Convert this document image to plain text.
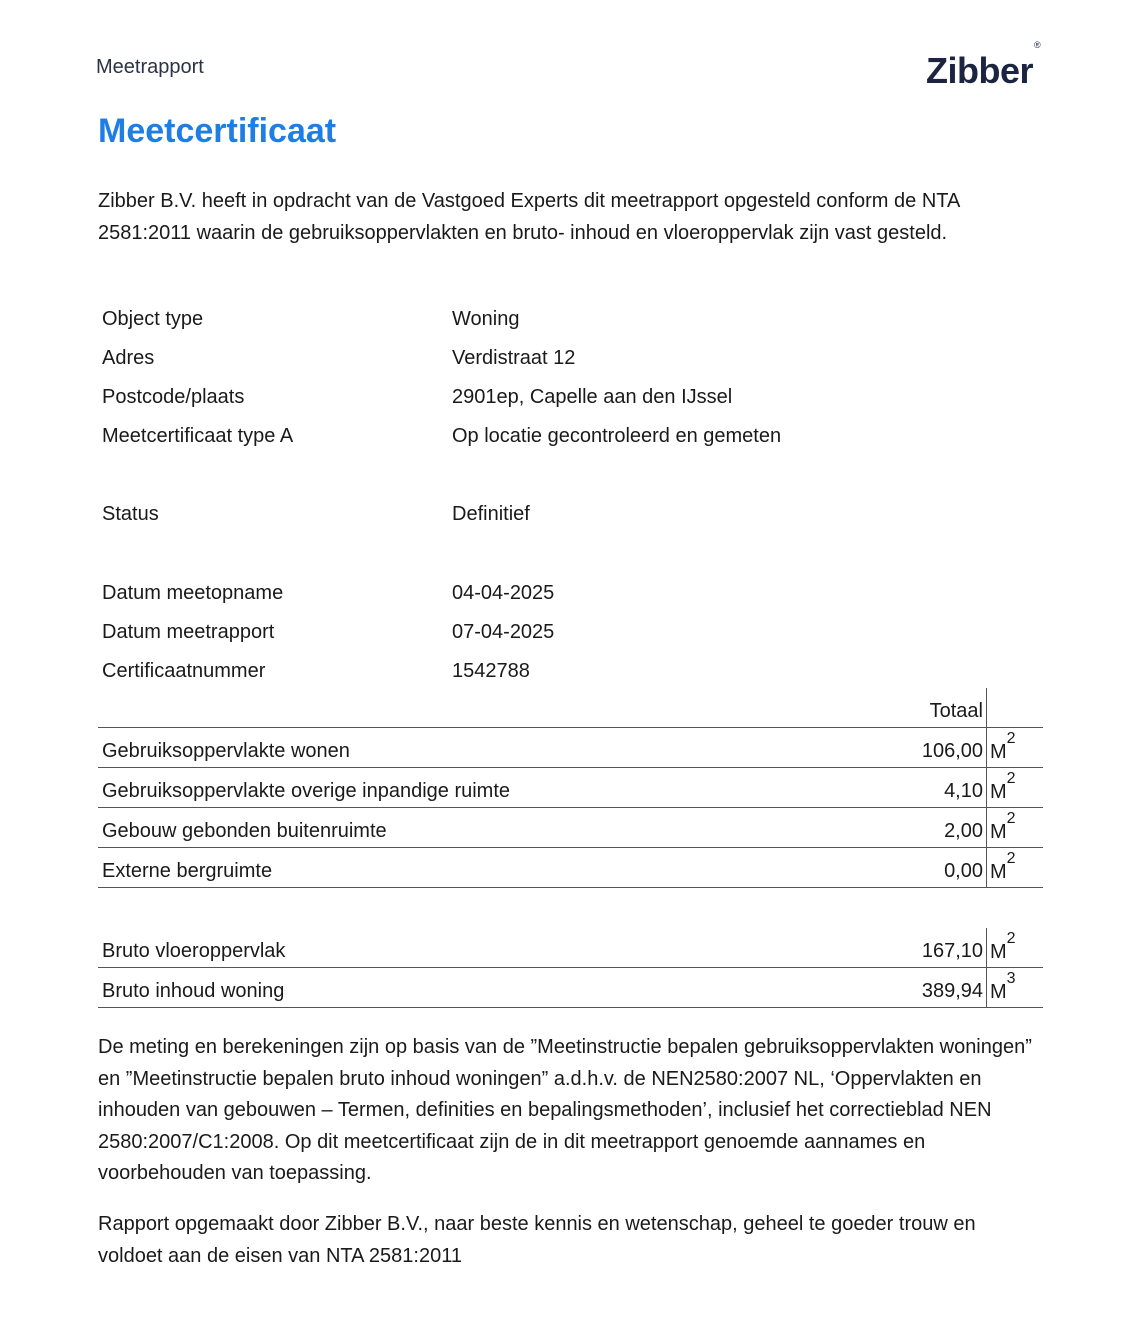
Meetrapport	Zibber®
Meetcertificaat

Zibber B.V. heeft in opdracht van de Vastgoed Experts dit meetrapport opgesteld conform de NTA 2581:2011 waarin de gebruiksoppervlakten en bruto- inhoud en vloeroppervlak zijn vast gesteld.

Object type	Woning
Adres	Verdistraat 12
Postcode/plaats	2901ep, Capelle aan den IJssel
Meetcertificaat type A	Op locatie gecontroleerd en gemeten
Status	Definitief
Datum meetopname	04-04-2025
Datum meetrapport	07-04-2025
Certificaatnummer	1542788
Totaal
Gebruiksoppervlakte wonen	106,00 $M^2$
Gebruiksoppervlakte overige inpandige ruimte	4,10 $M^2$
Gebouw gebonden buitenruimte	2,00 $M^2$
Externe bergruimte	0,00 $M^2$
Bruto vloeroppervlak	167,10 $M^2$
Bruto inhoud woning	389,94 $M^3$

De meting en berekeningen zijn op basis van de ”Meetinstructie bepalen gebruiksoppervlakten woningen” en ”Meetinstructie bepalen bruto inhoud woningen” a.d.h.v. de NEN2580:2007 NL, ‘Oppervlakten en inhouden van gebouwen – Termen, definities en bepalingsmethoden’, inclusief het correctieblad NEN 2580:2007/C1:2008. Op dit meetcertificaat zijn de in dit meetrapport genoemde aannames en voorbehouden van toepassing.

Rapport opgemaakt door Zibber B.V., naar beste kennis en wetenschap, geheel te goeder trouw en voldoet aan de eisen van NTA 2581:2011
